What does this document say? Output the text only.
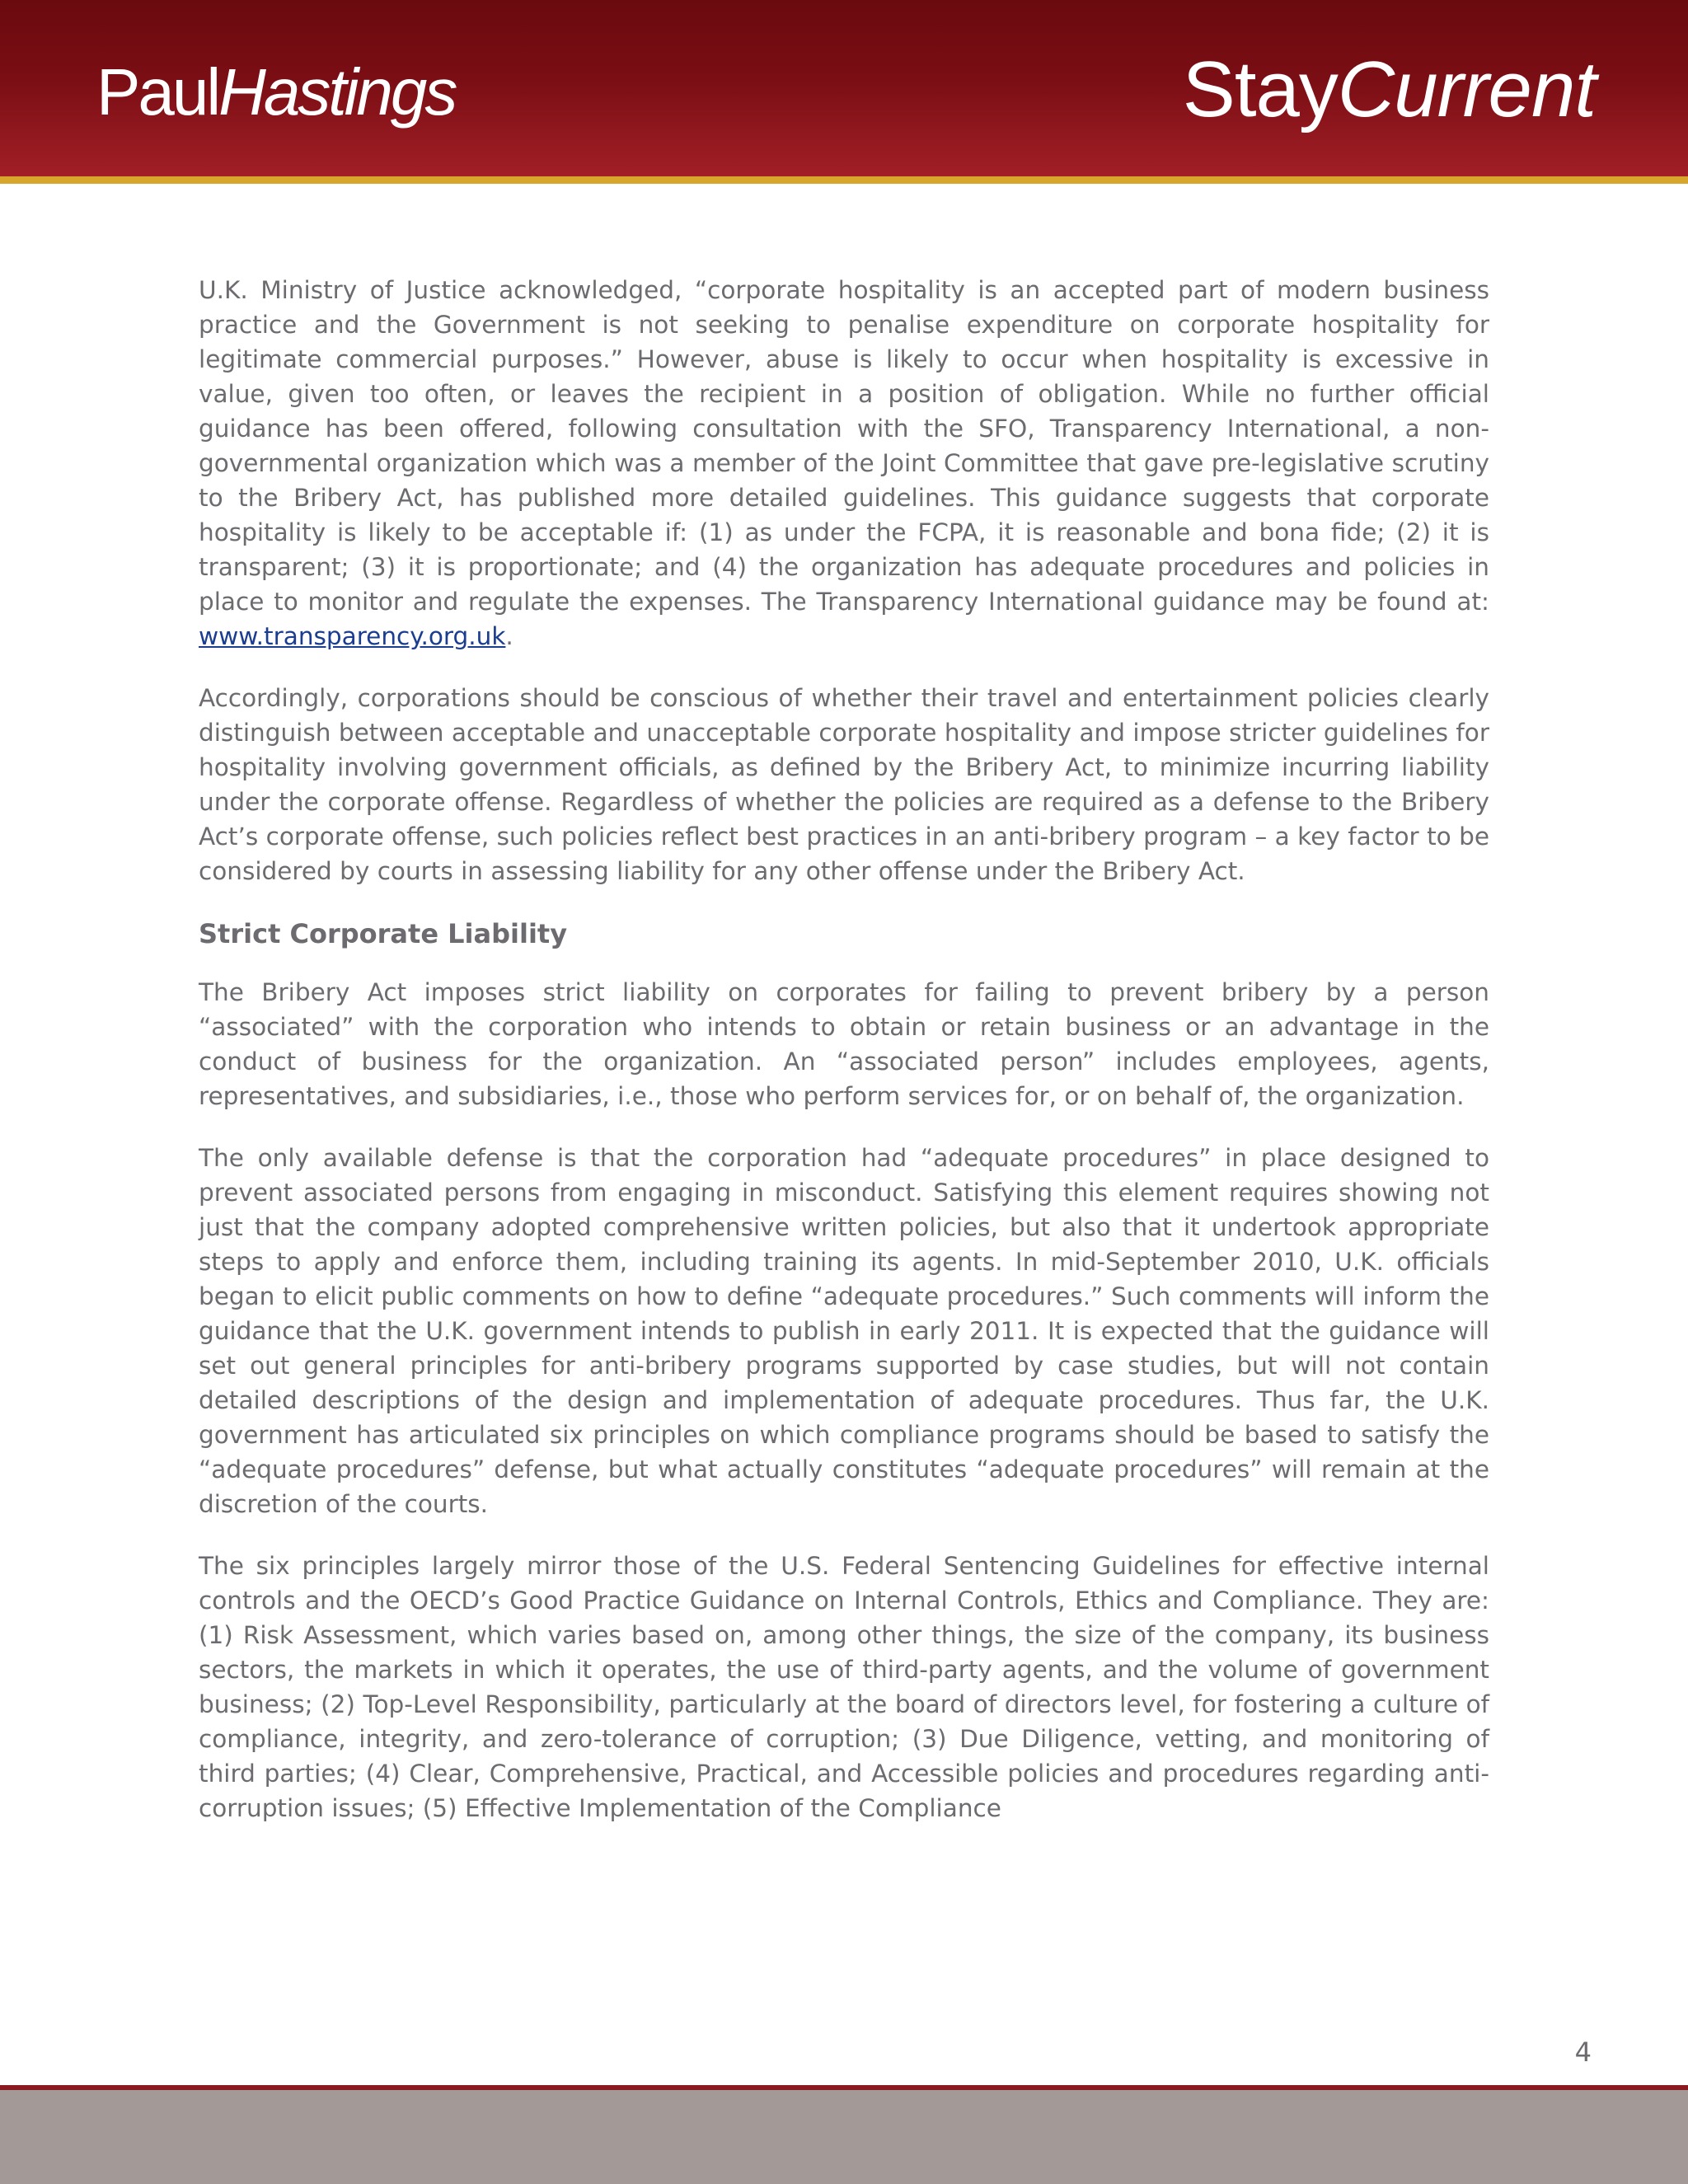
PaulHastings	StayCurrent

U.K. Ministry of Justice acknowledged, “corporate hospitality is an accepted part of modern business practice and the Government is not seeking to penalise expenditure on corporate hospitality for legitimate commercial purposes.” However, abuse is likely to occur when hospitality is excessive in value, given too often, or leaves the recipient in a position of obligation. While no further official guidance has been offered, following consultation with the SFO, Transparency International, a non-governmental organization which was a member of the Joint Committee that gave pre-legislative scrutiny to the Bribery Act, has published more detailed guidelines. This guidance suggests that corporate hospitality is likely to be acceptable if: (1) as under the FCPA, it is reasonable and bona fide; (2) it is transparent; (3) it is proportionate; and (4) the organization has adequate procedures and policies in place to monitor and regulate the expenses. The Transparency International guidance may be found at: www.transparency.org.uk.

Accordingly, corporations should be conscious of whether their travel and entertainment policies clearly distinguish between acceptable and unacceptable corporate hospitality and impose stricter guidelines for hospitality involving government officials, as defined by the Bribery Act, to minimize incurring liability under the corporate offense. Regardless of whether the policies are required as a defense to the Bribery Act’s corporate offense, such policies reflect best practices in an anti-bribery program – a key factor to be considered by courts in assessing liability for any other offense under the Bribery Act.

Strict Corporate Liability

The Bribery Act imposes strict liability on corporates for failing to prevent bribery by a person “associated” with the corporation who intends to obtain or retain business or an advantage in the conduct of business for the organization. An “associated person” includes employees, agents, representatives, and subsidiaries, i.e., those who perform services for, or on behalf of, the organization.

The only available defense is that the corporation had “adequate procedures” in place designed to prevent associated persons from engaging in misconduct. Satisfying this element requires showing not just that the company adopted comprehensive written policies, but also that it undertook appropriate steps to apply and enforce them, including training its agents. In mid-September 2010, U.K. officials began to elicit public comments on how to define “adequate procedures.” Such comments will inform the guidance that the U.K. government intends to publish in early 2011. It is expected that the guidance will set out general principles for anti-bribery programs supported by case studies, but will not contain detailed descriptions of the design and implementation of adequate procedures. Thus far, the U.K. government has articulated six principles on which compliance programs should be based to satisfy the “adequate procedures” defense, but what actually constitutes “adequate procedures” will remain at the discretion of the courts.

The six principles largely mirror those of the U.S. Federal Sentencing Guidelines for effective internal controls and the OECD’s Good Practice Guidance on Internal Controls, Ethics and Compliance. They are: (1) Risk Assessment, which varies based on, among other things, the size of the company, its business sectors, the markets in which it operates, the use of third-party agents, and the volume of government business; (2) Top-Level Responsibility, particularly at the board of directors level, for fostering a culture of compliance, integrity, and zero-tolerance of corruption; (3) Due Diligence, vetting, and monitoring of third parties; (4) Clear, Comprehensive, Practical, and Accessible policies and procedures regarding anti-corruption issues; (5) Effective Implementation of the Compliance

4
